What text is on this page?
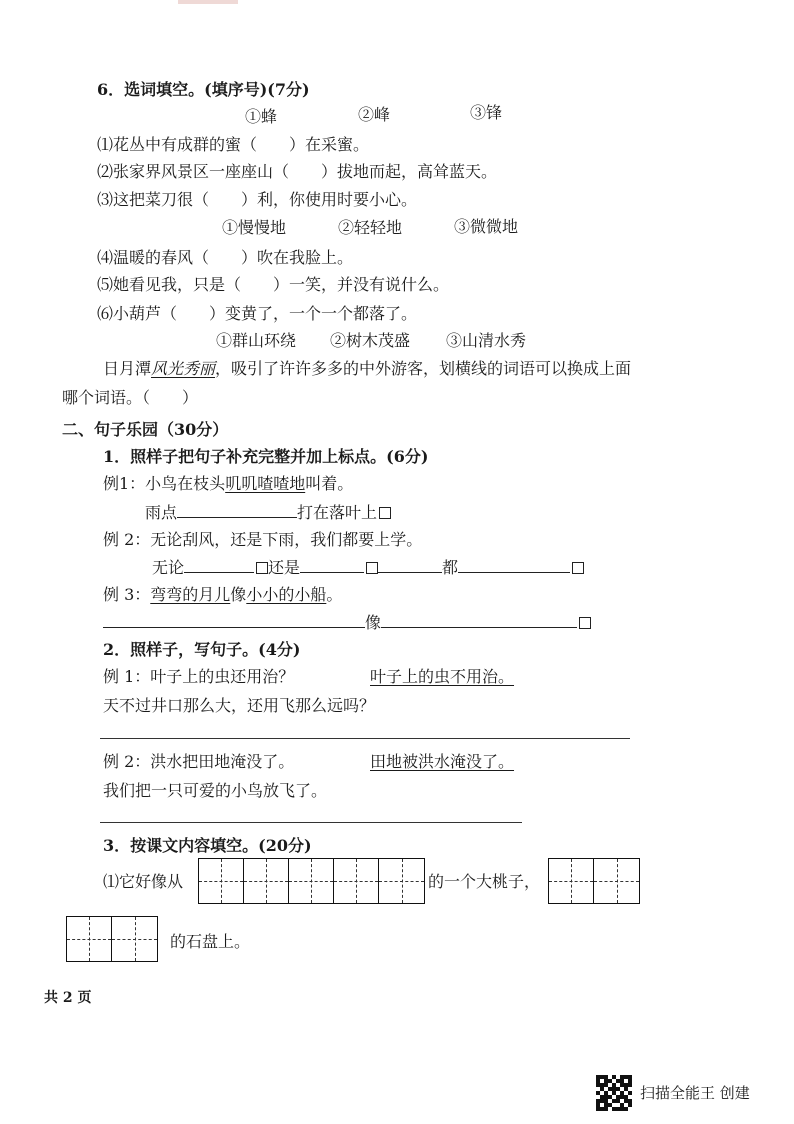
6．选词填空。(填序号)(7分)
①蜂	②峰	③锋
⑴花丛中有成群的蜜（　　）在采蜜。
⑵张家界风景区一座座山（　　）拔地而起，高耸蓝天。
⑶这把菜刀很（　　）利，你使用时要小心。
①慢慢地	②轻轻地	③微微地
⑷温暖的春风（　　）吹在我脸上。
⑸她看见我，只是（　　）一笑，并没有说什么。
⑹小葫芦（　　）变黄了，一个一个都落了。
①群山环绕 ②树木茂盛 ③山清水秀
日月潭风光秀丽，吸引了许许多多的中外游客，划横线的词语可以换成上面
哪个词语。（　　）
二、句子乐园（30分）
1．照样子把句子补充完整并加上标点。(6分)
例1：小鸟在枝头叽叽喳喳地叫着。
雨点	打在落叶上
例 2：无论刮风，还是下雨，我们都要上学。
无论	还是	都
例 3：弯弯的月儿像小小的小船。
像
2．照样子，写句子。(4分)
例 1：叶子上的虫还用治？	叶子上的虫不用治。
天不过井口那么大，还用飞那么远吗？
例 2：洪水把田地淹没了。	田地被洪水淹没了。
我们把一只可爱的小鸟放飞了。
3．按课文内容填空。(20分)
⑴它好像从	的一个大桃子，
的石盘上。
共 2 页
扫描全能王 创建
